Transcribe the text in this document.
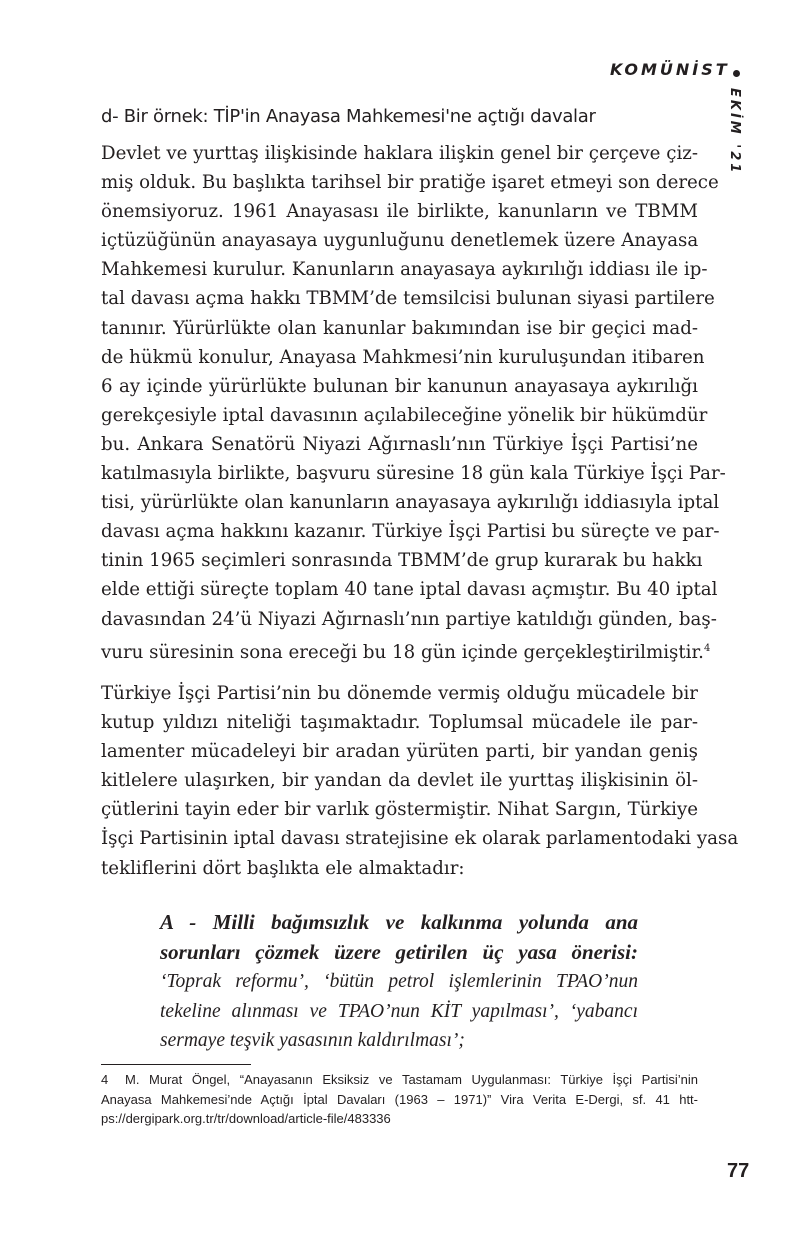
KOMÜNİST
EKİM '21
d- Bir örnek: TİP'in Anayasa Mahkemesi'ne açtığı davalar
Devlet ve yurttaş ilişkisinde haklara ilişkin genel bir çerçeve çiz-
miş olduk. Bu başlıkta tarihsel bir pratiğe işaret etmeyi son derece
önemsiyoruz. 1961 Anayasası ile birlikte, kanunların ve TBMM
içtüzüğünün anayasaya uygunluğunu denetlemek üzere Anayasa
Mahkemesi kurulur. Kanunların anayasaya aykırılığı iddiası ile ip-
tal davası açma hakkı TBMM’de temsilcisi bulunan siyasi partilere
tanınır. Yürürlükte olan kanunlar bakımından ise bir geçici mad-
de hükmü konulur, Anayasa Mahkmesi’nin kuruluşundan itibaren
6 ay içinde yürürlükte bulunan bir kanunun anayasaya aykırılığı
gerekçesiyle iptal davasının açılabileceğine yönelik bir hükümdür
bu. Ankara Senatörü Niyazi Ağırnaslı’nın Türkiye İşçi Partisi’ne
katılmasıyla birlikte, başvuru süresine 18 gün kala Türkiye İşçi Par-
tisi, yürürlükte olan kanunların anayasaya aykırılığı iddiasıyla iptal
davası açma hakkını kazanır. Türkiye İşçi Partisi bu süreçte ve par-
tinin 1965 seçimleri sonrasında TBMM’de grup kurarak bu hakkı
elde ettiği süreçte toplam 40 tane iptal davası açmıştır. Bu 40 iptal
davasından 24’ü Niyazi Ağırnaslı’nın partiye katıldığı günden, baş-
vuru süresinin sona ereceği bu 18 gün içinde gerçekleştirilmiştir.$^4$
Türkiye İşçi Partisi’nin bu dönemde vermiş olduğu mücadele bir
kutup yıldızı niteliği taşımaktadır. Toplumsal mücadele ile par-
lamenter mücadeleyi bir aradan yürüten parti, bir yandan geniş
kitlelere ulaşırken, bir yandan da devlet ile yurttaş ilişkisinin öl-
çütlerini tayin eder bir varlık göstermiştir. Nihat Sargın, Türkiye
İşçi Partisinin iptal davası stratejisine ek olarak parlamentodaki yasa
tekliflerini dört başlıkta ele almaktadır:
A - Milli bağımsızlık ve kalkınma yolunda ana
sorunları çözmek üzere getirilen üç yasa önerisi:
‘Toprak reformu’, ‘bütün petrol işlemlerinin TPAO’nun
tekeline alınması ve TPAO’nun KİT yapılması’, ‘yabancı
sermaye teşvik yasasının kaldırılması’;
4 M. Murat Öngel, “Anayasanın Eksiksiz ve Tastamam Uygulanması: Türkiye İşçi Partisi’nin
Anayasa Mahkemesi’nde Açtığı İptal Davaları (1963 – 1971)” Vira Verita E-Dergi, sf. 41 htt-
ps://dergipark.org.tr/tr/download/article-file/483336
77
